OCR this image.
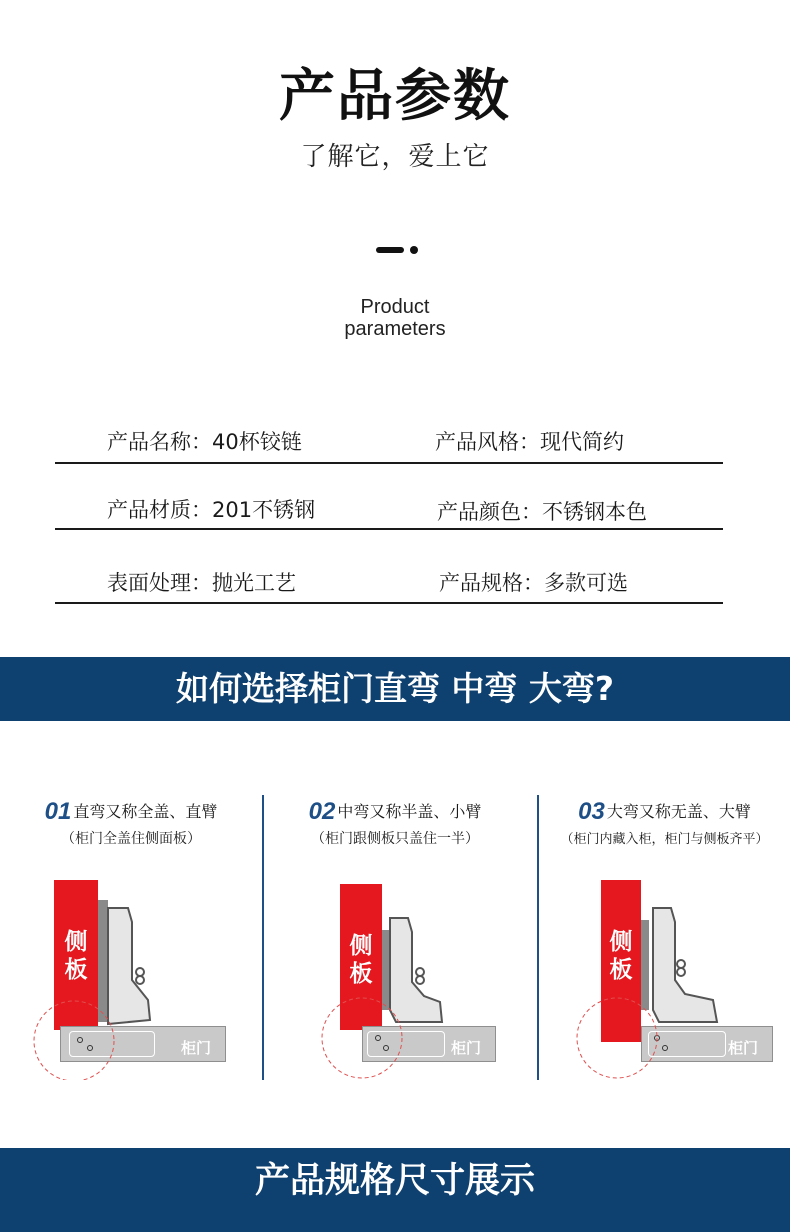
产品参数
了解它，爱上它
Product
parameters
产品名称：40杯铰链	产品风格：现代简约
产品材质：201不锈钢	产品颜色：不锈钢本色
表面处理：抛光工艺	产品规格：多款可选
如何选择柜门直弯 中弯 大弯?
01 直弯又称全盖、直臂
（柜门全盖住侧面板）
侧板
柜门
02 中弯又称半盖、小臂
（柜门跟侧板只盖住一半）
侧板
柜门
03 大弯又称无盖、大臂
（柜门内藏入柜，柜门与侧板齐平）
侧板
柜门
产品规格尺寸展示
